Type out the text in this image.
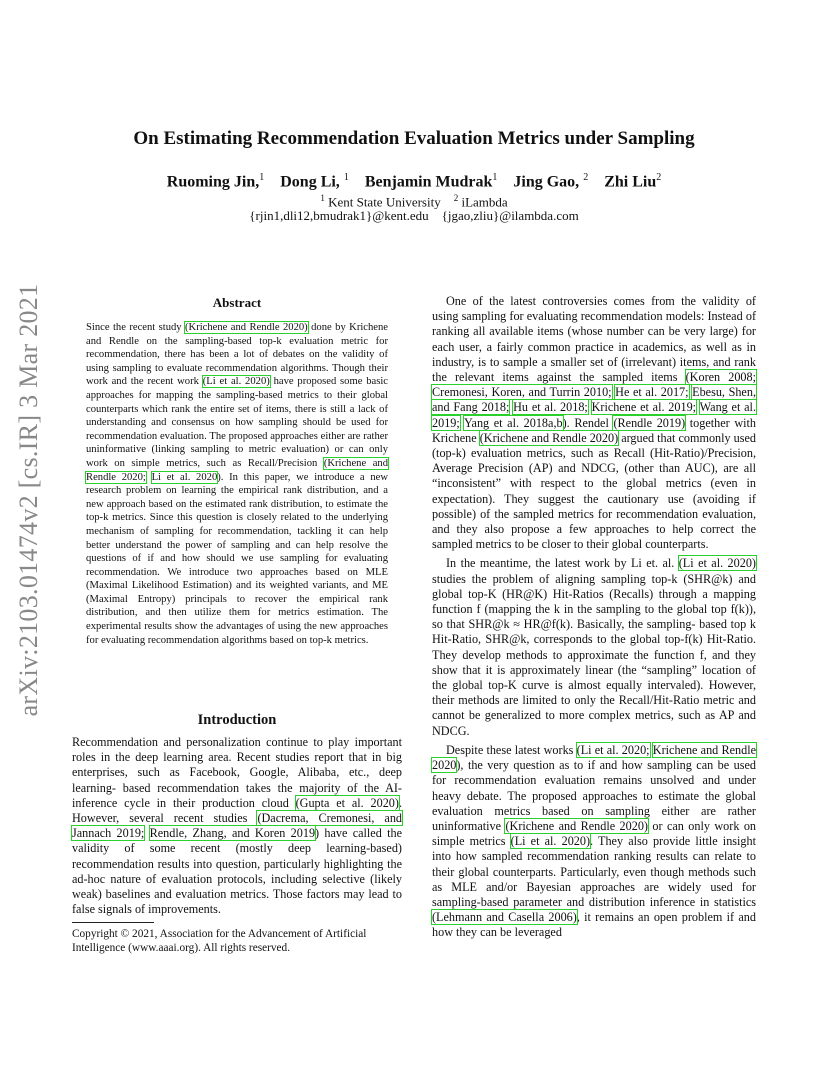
arXiv:2103.01474v2 [cs.IR] 3 Mar 2021
On Estimating Recommendation Evaluation Metrics under Sampling
Ruoming Jin,$^1$ Dong Li, $^1$ Benjamin Mudrak$^1$ Jing Gao, $^2$ Zhi Liu$^2$
$^1$ Kent State University $^2$ iLambda
{rjin1,dli12,bmudrak1}@kent.edu    {jgao,zliu}@ilambda.com
Abstract
Since the recent study (Krichene and Rendle 2020) done by Krichene and Rendle on the sampling-based top-k evaluation metric for recommendation, there has been a lot of debates on the validity of using sampling to evaluate recommendation algorithms. Though their work and the recent work (Li et al. 2020) have proposed some basic approaches for mapping the sampling-based metrics to their global counterparts which rank the entire set of items, there is still a lack of understanding and consensus on how sampling should be used for recommendation evaluation. The proposed approaches either are rather uninformative (linking sampling to metric evaluation) or can only work on simple metrics, such as Recall/Precision (Krichene and Rendle 2020; Li et al. 2020). In this paper, we introduce a new research problem on learning the empirical rank distribution, and a new approach based on the estimated rank distribution, to estimate the top-k metrics. Since this question is closely related to the underlying mechanism of sampling for recommendation, tackling it can help better understand the power of sampling and can help resolve the questions of if and how should we use sampling for evaluating recommendation. We introduce two approaches based on MLE (Maximal Likelihood Estimation) and its weighted variants, and ME (Maximal Entropy) principals to recover the empirical rank distribution, and then utilize them for metrics estimation. The experimental results show the advantages of using the new approaches for evaluating recommendation algorithms based on top-k metrics.
Introduction
Recommendation and personalization continue to play important roles in the deep learning area. Recent studies report that in big enterprises, such as Facebook, Google, Alibaba, etc., deep learning- based recommendation takes the majority of the AI-inference cycle in their production cloud (Gupta et al. 2020). However, several recent studies (Dacrema, Cremonesi, and Jannach 2019; Rendle, Zhang, and Koren 2019) have called the validity of some recent (mostly deep learning-based) recommendation results into question, particularly highlighting the ad-hoc nature of evaluation protocols, including selective (likely weak) baselines and evaluation metrics. Those factors may lead to false signals of improvements.
Copyright © 2021, Association for the Advancement of Artificial Intelligence (www.aaai.org). All rights reserved.

One of the latest controversies comes from the validity of using sampling for evaluating recommendation models: Instead of ranking all available items (whose number can be very large) for each user, a fairly common practice in academics, as well as in industry, is to sample a smaller set of (irrelevant) items, and rank the relevant items against the sampled items (Koren 2008; Cremonesi, Koren, and Turrin 2010; He et al. 2017; Ebesu, Shen, and Fang 2018; Hu et al. 2018; Krichene et al. 2019; Wang et al. 2019; Yang et al. 2018a,b). Rendel (Rendle 2019) together with Krichene (Krichene and Rendle 2020) argued that commonly used (top-k) evaluation metrics, such as Recall (Hit-Ratio)/Precision, Average Precision (AP) and NDCG, (other than AUC), are all “inconsistent” with respect to the global metrics (even in expectation). They suggest the cautionary use (avoiding if possible) of the sampled metrics for recommendation evaluation, and they also propose a few approaches to help correct the sampled metrics to be closer to their global counterparts.

In the meantime, the latest work by Li et. al. (Li et al. 2020) studies the problem of aligning sampling top-k (SHR@k) and global top-K (HR@K) Hit-Ratios (Recalls) through a mapping function f (mapping the k in the sampling to the global top f(k)), so that SHR@k ≈ HR@f(k). Basically, the sampling- based top k Hit-Ratio, SHR@k, corresponds to the global top-f(k) Hit-Ratio. They develop methods to approximate the function f, and they show that it is approximately linear (the “sampling” location of the global top-K curve is almost equally intervaled). However, their methods are limited to only the Recall/Hit-Ratio metric and cannot be generalized to more complex metrics, such as AP and NDCG.

Despite these latest works (Li et al. 2020; Krichene and Rendle 2020), the very question as to if and how sampling can be used for recommendation evaluation remains unsolved and under heavy debate. The proposed approaches to estimate the global evaluation metrics based on sampling either are rather uninformative (Krichene and Rendle 2020) or can only work on simple metrics (Li et al. 2020). They also provide little insight into how sampled recommendation ranking results can relate to their global counterparts. Particularly, even though methods such as MLE and/or Bayesian approaches are widely used for sampling-based parameter and distribution inference in statistics (Lehmann and Casella 2006), it remains an open problem if and how they can be leveraged
